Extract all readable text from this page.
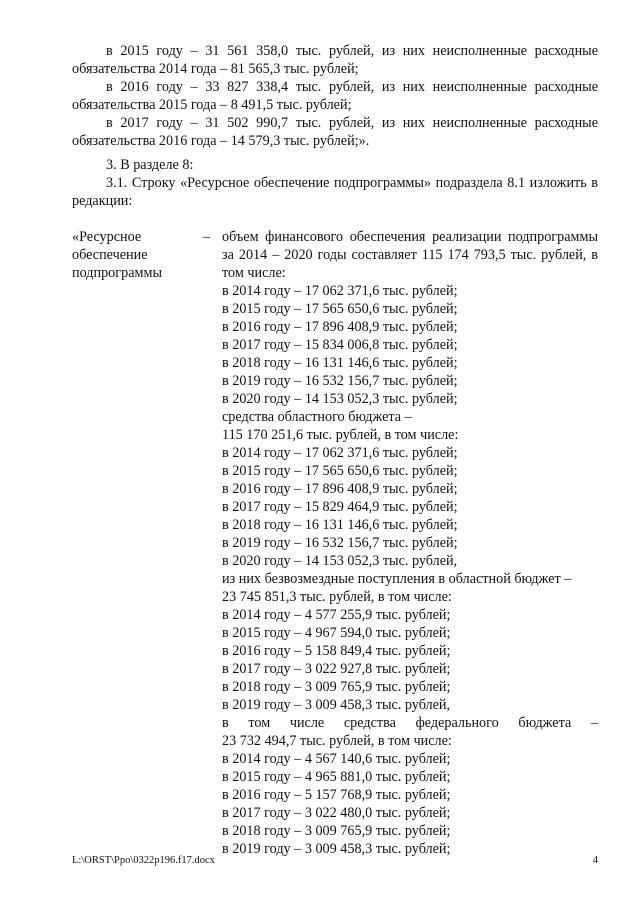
в 2015 году – 31 561 358,0 тыс. рублей, из них неисполненные расходные обязательства 2014 года – 81 565,3 тыс. рублей;
в 2016 году – 33 827 338,4 тыс. рублей, из них неисполненные расходные обязательства 2015 года – 8 491,5 тыс. рублей;
в 2017 году – 31 502 990,7 тыс. рублей, из них неисполненные расходные обязательства 2016 года – 14 579,3 тыс. рублей;».
3. В разделе 8:
3.1. Строку «Ресурсное обеспечение подпрограммы» подраздела 8.1 изложить в редакции:
«Ресурсное обеспечение подпрограммы
– объем финансового обеспечения реализации подпрограммы за 2014 – 2020 годы составляет 115 174 793,5 тыс. рублей, в том числе:
в 2014 году – 17 062 371,6 тыс. рублей;
в 2015 году – 17 565 650,6 тыс. рублей;
в 2016 году – 17 896 408,9 тыс. рублей;
в 2017 году – 15 834 006,8 тыс. рублей;
в 2018 году – 16 131 146,6 тыс. рублей;
в 2019 году – 16 532 156,7 тыс. рублей;
в 2020 году – 14 153 052,3 тыс. рублей;
средства областного бюджета –
115 170 251,6 тыс. рублей, в том числе:
в 2014 году – 17 062 371,6 тыс. рублей;
в 2015 году – 17 565 650,6 тыс. рублей;
в 2016 году – 17 896 408,9 тыс. рублей;
в 2017 году – 15 829 464,9 тыс. рублей;
в 2018 году – 16 131 146,6 тыс. рублей;
в 2019 году – 16 532 156,7 тыс. рублей;
в 2020 году – 14 153 052,3 тыс. рублей,
из них безвозмездные поступления в областной бюджет –
23 745 851,3 тыс. рублей, в том числе:
в 2014 году – 4 577 255,9 тыс. рублей;
в 2015 году – 4 967 594,0 тыс. рублей;
в 2016 году – 5 158 849,4 тыс. рублей;
в 2017 году – 3 022 927,8 тыс. рублей;
в 2018 году – 3 009 765,9 тыс. рублей;
в 2019 году – 3 009 458,3 тыс. рублей,
в том числе средства федерального бюджета –
23 732 494,7 тыс. рублей, в том числе:
в 2014 году – 4 567 140,6 тыс. рублей;
в 2015 году – 4 965 881,0 тыс. рублей;
в 2016 году – 5 157 768,9 тыс. рублей;
в 2017 году – 3 022 480,0 тыс. рублей;
в 2018 году – 3 009 765,9 тыс. рублей;
в 2019 году – 3 009 458,3 тыс. рублей;
L:\ORST\Ppo\0322p196.f17.docx	4
